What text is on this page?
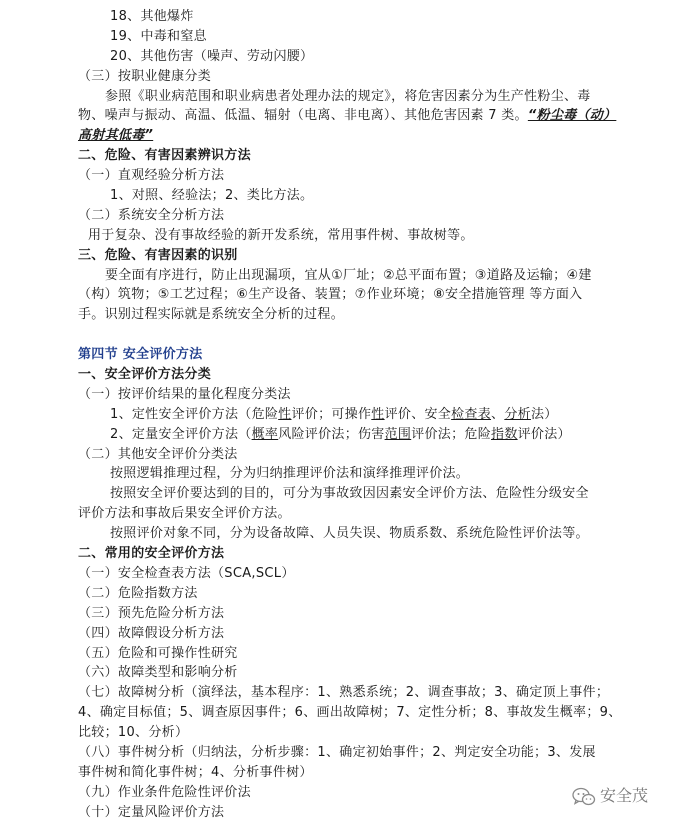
18、其他爆炸
19、中毒和窒息
20、其他伤害（噪声、劳动闪腰）
（三）按职业健康分类
参照《职业病范围和职业病患者处理办法的规定》，将危害因素分为生产性粉尘、毒
物、噪声与振动、高温、低温、辐射（电离、非电离）、其他危害因素 7 类。“粉尘毒（动）
高射其低毒”
二、危险、有害因素辨识方法
（一）直观经验分析方法
1、对照、经验法；2、类比方法。
（二）系统安全分析方法
用于复杂、没有事故经验的新开发系统，常用事件树、事故树等。
三、危险、有害因素的识别
要全面有序进行，防止出现漏项，宜从①厂址；②总平面布置；③道路及运输；④建
（构）筑物；⑤工艺过程；⑥生产设备、装置；⑦作业环境；⑧安全措施管理 等方面入
手。识别过程实际就是系统安全分析的过程。
第四节 安全评价方法
一、安全评价方法分类
（一）按评价结果的量化程度分类法
1、定性安全评价方法（危险性评价；可操作性评价、安全检查表、分析法）
2、定量安全评价方法（概率风险评价法；伤害范围评价法；危险指数评价法）
（二）其他安全评价分类法
按照逻辑推理过程，分为归纳推理评价法和演绎推理评价法。
按照安全评价要达到的目的，可分为事故致因因素安全评价方法、危险性分级安全
评价方法和事故后果安全评价方法。
按照评价对象不同，分为设备故障、人员失误、物质系数、系统危险性评价法等。
二、常用的安全评价方法
（一）安全检查表方法（SCA,SCL）
（二）危险指数方法
（三）预先危险分析方法
（四）故障假设分析方法
（五）危险和可操作性研究
（六）故障类型和影响分析
（七）故障树分析（演绎法，基本程序：1、熟悉系统；2、调查事故；3、确定顶上事件；
4、确定目标值；5、调查原因事件；6、画出故障树；7、定性分析；8、事故发生概率；9、
比较；10、分析）
（八）事件树分析（归纳法，分析步骤：1、确定初始事件；2、判定安全功能；3、发展
事件树和简化事件树；4、分析事件树）
（九）作业条件危险性评价法
（十）定量风险评价方法
安全茂
